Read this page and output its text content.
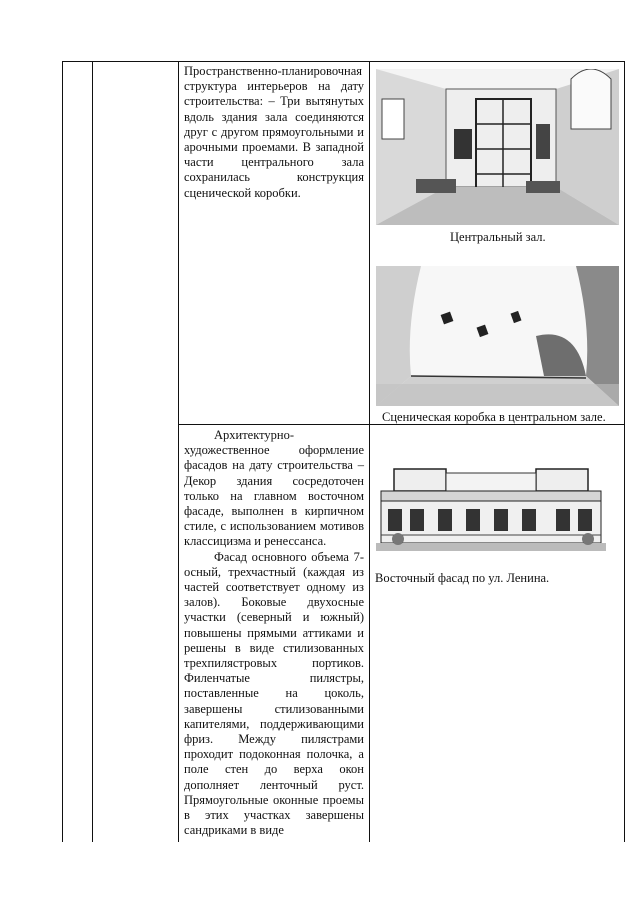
Пространственно-планировочная структура интерьеров на дату строительства: – Три вытянутых вдоль здания зала соединяются друг с другом прямоугольными и арочными проемами. В западной части центрального зала сохранилась конструкция сценической коробки.

Центральный зал.
Сценическая коробка в центральном зале.

Архитектурно-художественное оформление фасадов на дату строительства – Декор здания сосредоточен только на главном восточном фасаде, выполнен в кирпичном стиле, с использованием мотивов классицизма и ренессанса.

Фасад основного объема 7-осный, трехчастный (каждая из частей соответствует одному из залов). Боковые двухосные участки (северный и южный) повышены прямыми аттиками и решены в виде стилизованных трехпилястровых портиков. Филенчатые пилястры, поставленные на цоколь, завершены стилизованными капителями, поддерживающими фриз. Между пилястрами проходит подоконная полочка, а поле стен до верха окон дополняет ленточный руст. Прямоугольные оконные проемы в этих участках завершены сандриками в виде

Восточный фасад по ул. Ленина.
